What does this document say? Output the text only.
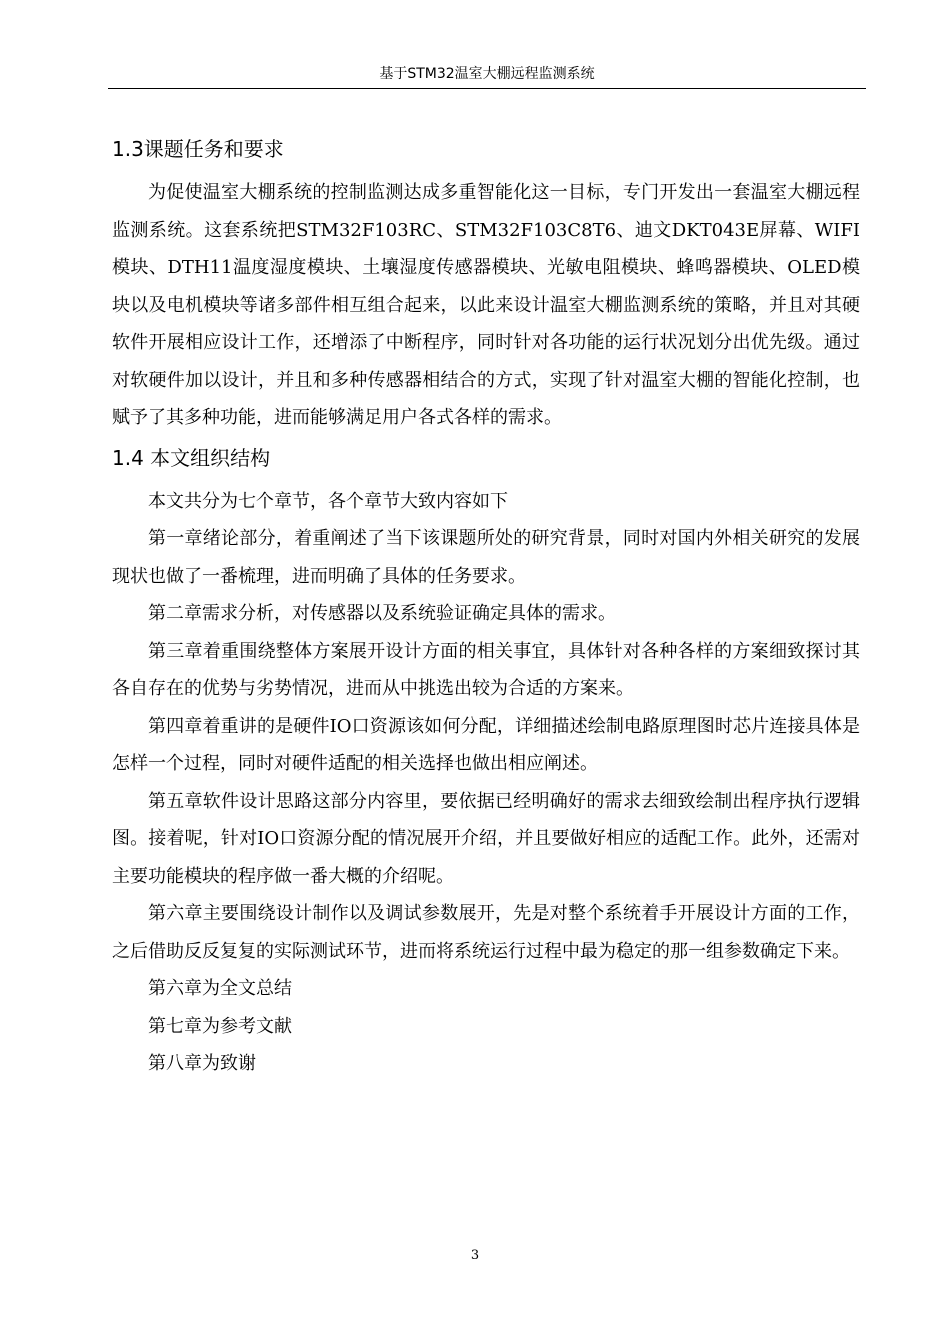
基于STM32温室大棚远程监测系统
1.3课题任务和要求

为促使温室大棚系统的控制监测达成多重智能化这一目标，专门开发出一套温室大棚远程监测系统。这套系统把STM32F103RC、STM32F103C8T6、迪文DKT043E屏幕、WIFI模块、DTH11温度湿度模块、土壤湿度传感器模块、光敏电阻模块、蜂鸣器模块、OLED模块以及电机模块等诸多部件相互组合起来，以此来设计温室大棚监测系统的策略，并且对其硬软件开展相应设计工作，还增添了中断程序，同时针对各功能的运行状况划分出优先级。通过对软硬件加以设计，并且和多种传感器相结合的方式，实现了针对温室大棚的智能化控制，也赋予了其多种功能，进而能够满足用户各式各样的需求。

1.4 本文组织结构

本文共分为七个章节，各个章节大致内容如下

第一章绪论部分，着重阐述了当下该课题所处的研究背景，同时对国内外相关研究的发展现状也做了一番梳理，进而明确了具体的任务要求。

第二章需求分析，对传感器以及系统验证确定具体的需求。

第三章着重围绕整体方案展开设计方面的相关事宜，具体针对各种各样的方案细致探讨其各自存在的优势与劣势情况，进而从中挑选出较为合适的方案来。

第四章着重讲的是硬件IO口资源该如何分配，详细描述绘制电路原理图时芯片连接具体是怎样一个过程，同时对硬件适配的相关选择也做出相应阐述。

第五章软件设计思路这部分内容里，要依据已经明确好的需求去细致绘制出程序执行逻辑图。接着呢，针对IO口资源分配的情况展开介绍，并且要做好相应的适配工作。此外，还需对主要功能模块的程序做一番大概的介绍呢。

第六章主要围绕设计制作以及调试参数展开，先是对整个系统着手开展设计方面的工作，之后借助反反复复的实际测试环节，进而将系统运行过程中最为稳定的那一组参数确定下来。

第六章为全文总结

第七章为参考文献

第八章为致谢

3
